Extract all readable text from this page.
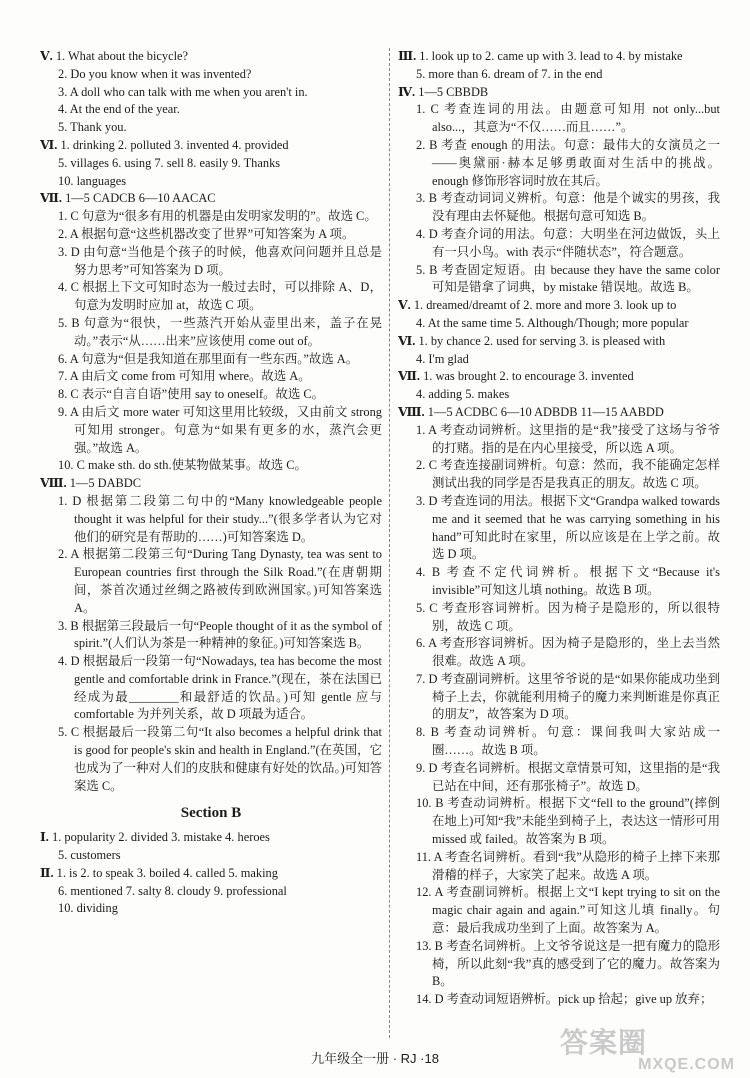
Ⅴ. 1. What about the bicycle?
2. Do you know when it was invented?
3. A doll who can talk with me when you aren't in.
4. At the end of the year.
5. Thank you.
Ⅵ. 1. drinking 2. polluted 3. invented 4. provided
5. villages 6. using 7. sell 8. easily 9. Thanks
10. languages
Ⅶ. 1—5 CADCB 6—10 AACAC
1. C 句意为“很多有用的机器是由发明家发明的”。故选 C。
2. A 根据句意“这些机器改变了世界”可知答案为 A 项。
3. D 由句意“当他是个孩子的时候，他喜欢问问题并且总是努力思考”可知答案为 D 项。
4. C 根据上下文可知时态为一般过去时，可以排除 A、D，句意为发明时应加 at，故选 C 项。
5. B 句意为“很快，一些蒸汽开始从壶里出来，盖子在晃动。”表示“从……出来”应该使用 come out of。
6. A 句意为“但是我知道在那里面有一些东西。”故选 A。
7. A 由后文 come from 可知用 where。故选 A。
8. C 表示“自言自语”使用 say to oneself。故选 C。
9. A 由后文 more water 可知这里用比较级，又由前文 strong 可知用 stronger。句意为“如果有更多的水，蒸汽会更强。”故选 A。
10. C make sth. do sth.使某物做某事。故选 C。
Ⅷ. 1—5 DABDC
1. D 根据第二段第二句中的“Many knowledgeable people thought it was helpful for their study...”(很多学者认为它对他们的研究是有帮助的……)可知答案选 D。
2. A 根据第二段第三句“During Tang Dynasty, tea was sent to European countries first through the Silk Road.”(在唐朝期间，茶首次通过丝绸之路被传到欧洲国家。)可知答案选 A。
3. B 根据第三段最后一句“People thought of it as the symbol of spirit.”(人们认为茶是一种精神的象征。)可知答案选 B。
4. D 根据最后一段第一句“Nowadays, tea has become the most gentle and comfortable drink in France.”(现在，茶在法国已经成为最________和最舒适的饮品。)可知 gentle 应与 comfortable 为并列关系，故 D 项最为适合。
5. C 根据最后一段第二句“It also becomes a helpful drink that is good for people's skin and health in England.”(在英国，它也成为了一种对人们的皮肤和健康有好处的饮品。)可知答案选 C。
Section B
Ⅰ. 1. popularity 2. divided 3. mistake 4. heroes
5. customers
Ⅱ. 1. is 2. to speak 3. boiled 4. called 5. making
6. mentioned 7. salty 8. cloudy 9. professional
10. dividing
Ⅲ. 1. look up to 2. came up with 3. lead to 4. by mistake
5. more than 6. dream of 7. in the end
Ⅳ. 1—5 CBBDB
1. C 考查连词的用法。由题意可知用 not only...but also...，其意为“不仅……而且……”。
2. B 考查 enough 的用法。句意：最伟大的女演员之一——奥黛丽·赫本足够勇敢面对生活中的挑战。enough 修饰形容词时放在其后。
3. B 考查动词词义辨析。句意：他是个诚实的男孩，我没有理由去怀疑他。根据句意可知选 B。
4. D 考查介词的用法。句意：大明坐在河边做饭，头上有一只小鸟。with 表示“伴随状态”，符合题意。
5. B 考查固定短语。由 because they have the same color 可知是错拿了词典，by mistake 错误地。故选 B。
Ⅴ. 1. dreamed/dreamt of 2. more and more 3. look up to
4. At the same time 5. Although/Though; more popular
Ⅵ. 1. by chance 2. used for serving 3. is pleased with
4. I'm glad
Ⅶ. 1. was brought 2. to encourage 3. invented
4. adding 5. makes
Ⅷ. 1—5 ACDBC 6—10 ADBDB 11—15 AABDD
1. A 考查动词辨析。这里指的是“我”接受了这场与爷爷的打赌。指的是在内心里接受，所以选 A 项。
2. C 考查连接副词辨析。句意：然而，我不能确定怎样测试出我的同学是否是我真正的朋友。故选 C 项。
3. D 考查连词的用法。根据下文“Grandpa walked towards me and it seemed that he was carrying something in his hand”可知此时在家里，所以应该是在上学之前。故选 D 项。
4. B 考查不定代词辨析。根据下文“Because it's invisible”可知这儿填 nothing。故选 B 项。
5. C 考查形容词辨析。因为椅子是隐形的，所以很特别，故选 C 项。
6. A 考查形容词辨析。因为椅子是隐形的，坐上去当然很难。故选 A 项。
7. D 考查副词辨析。这里爷爷说的是“如果你能成功坐到椅子上去，你就能利用椅子的魔力来判断谁是你真正的朋友”，故答案为 D 项。
8. B 考查动词辨析。句意：课间我叫大家站成一圈……。故选 B 项。
9. D 考查名词辨析。根据文章情景可知，这里指的是“我已站在中间，还有那张椅子”。故选 D。
10. B 考查动词辨析。根据下文“fell to the ground”(摔倒在地上)可知“我”未能坐到椅子上，表达这一情形可用 missed 或 failed。故答案为 B 项。
11. A 考查名词辨析。看到“我”从隐形的椅子上摔下来那滑稽的样子，大家笑了起来。故选 A 项。
12. A 考查副词辨析。根据上文“I kept trying to sit on the magic chair again and again.”可知这儿填 finally。句意：最后我成功坐到了上面。故答案为 A。
13. B 考查名词辨析。上文爷爷说这是一把有魔力的隐形椅，所以此刻“我”真的感受到了它的魔力。故答案为 B。
14. D 考查动词短语辨析。pick up 拾起；give up 放弃；
九年级全一册 · RJ ·18
答案圈
MXQE.COM
